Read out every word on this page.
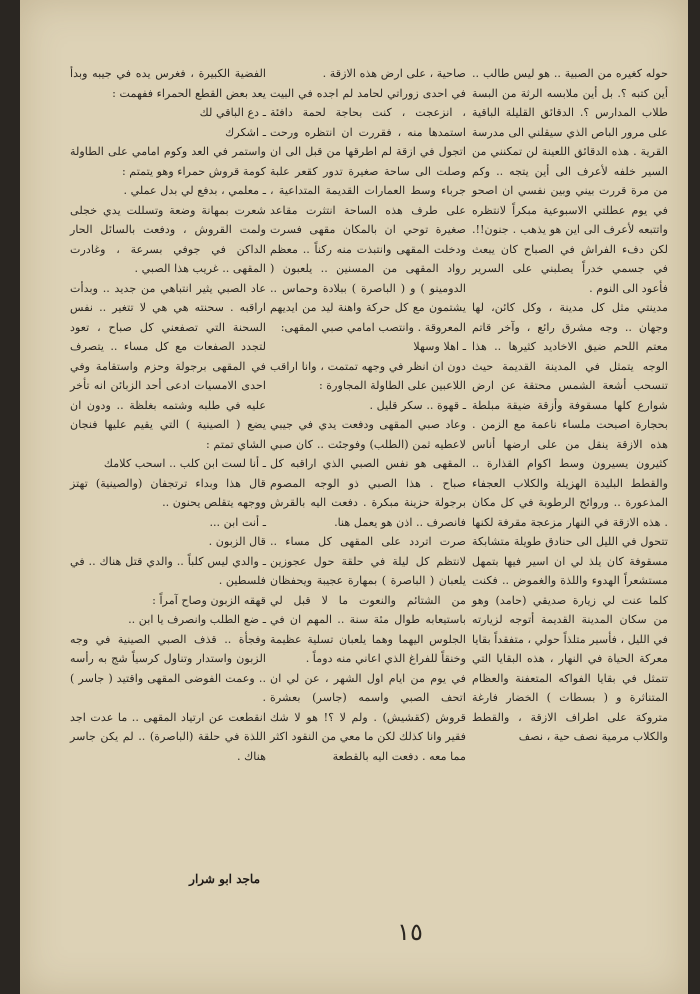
حوله كغيره من الصبية .. هو ليس طالب .. أين كتبه ؟. بل أين ملابسه الرثة من البسة طلاب المدارس ؟. الدقائق القليلة الباقية على مرور الباص الذي سيقلني الى مدرسة القرية . هذه الدقائق اللعينة لن تمكنني من السير خلفه لأعرف الى أين يتجه .. وكم من مرة قررت بيني وبين نفسي ان اصحو في يوم عطلتي الاسبوعية مبكراً لانتظره واتتبعه لأعرف الى اين هو يذهب . جنون!!. لكن دفء الفراش في الصباح كان يبعث في جسمي خدراً يصلبني على السرير فأعود الى النوم .

مدينتي مثل كل مدينة ، وكل كائن، لها وجهان .. وجه مشرق رائع ، وآخر قاتم معتم اللحم ضيق الاخاديد كثيرها .. هذا الوجه يتمثل في المدينة القديمة حيث تنسحب أشعة الشمس محتقة عن ارض شوارع كلها مسقوفة وأزقة ضيقة مبلطة بحجارة اصبحت ملساء ناعمة مع الزمن . هذه الازقة ينقل من على ارضها أناس كثيرون يسيرون وسط اكوام القذارة .. والقطط البليدة الهزيلة والكلاب العجفاء المذعورة .. وروائح الرطوبة في كل مكان . هذه الازقة في النهار مزعجة مقرفة لكنها تتحول في الليل الى حنادق طويلة متشابكة مسقوفة كان يلذ لي ان اسير فيها بتمهل مستشعراً الهدوء واللذة والغموض .. فكنت كلما عنت لي زيارة صديقي (حامد) وهو من سكان المدينة القديمة أتوجه لزيارته في الليل ، فأسير متلذاً حولي ، متفقداً بقايا معركة الحياة في النهار ، هذه البقايا التي تتمثل في بقايا الفواكه المتعفنة والعظام المتناثرة و ( بسطات ) الخضار فارغة متروكة على اطراف الازقة ، والقطط والكلاب مرمية نصف حية ، نصف

صاحية ، على ارض هذه الازقة .

في احدى زوراتي لحامد لم اجده في البيت ، انزعجت ، كنت بحاجة لحمة دافئة استمدها منه ، فقررت ان انتظره ورحت اتجول في ازقة لم اطرقها من قبل الى ان وصلت الى ساحة صغيرة تدور كقعر علبة جرباء وسط العمارات القديمة المتداعية ، على طرف هذه الساحة انتثرت مقاعد صغيرة توحي ان بالمكان مقهى فسرت ودخلت المقهى وانتبذت منه ركناً .. معظم رواد المقهى من المسنين .. يلعبون ( الدومينو ) و ( الباصرة ) ببلادة وحماس .. يشتمون مع كل حركة واهنة ليد من ايديهم المعروقة . وانتصب امامي صبي المقهى:

ـ اهلا وسهلا

دون ان انظر في وجهه تمتمت ، وانا اراقب اللاعبين على الطاولة المجاورة :

ـ قهوة .. سكر قليل .

وعاد صبي المقهى ودفعت يدي في جيبي لاعطيه ثمن (الطلب) وفوجئت .. كان صبي المقهى هو نفس الصبي الذي اراقبه كل صباح . هذا الصبي ذو الوجه المصوم برجولة حزينة مبكرة . دفعت اليه بالقرش فانصرف .. اذن هو يعمل هنا.

صرت اتردد على المقهى كل مساء .. لانتظم كل ليلة في حلقة حول عجوزين يلعبان ( الباصرة ) بمهارة عجيبة ويحفظان من الشتائم والنعوت ما لا قبل لي باستيعابه طوال مئة سنة .. المهم ان في الجلوس اليهما وهما يلعبان تسلية عظيمة وخنقاً للفراغ الذي اعاني منه دوماً .

في يوم من ايام اول الشهر ، عن لي ان اتحف الصبي واسمه (جاسر) بعشرة قروش (كقشيش) . ولم لا ؟! هو لا شك فقير وانا كذلك لكن ما معي من النقود اكثر مما معه . دفعت اليه بالقطعة

الفضية الكبيرة ، فغرس يده في جيبه وبدأ يعد بعض القطع الحمراء ففهمت :

ـ دع الباقي لك

ـ اشكرك

واستمر في العد وكوم امامي على الطاولة كومة قروش حمراء وهو يتمتم :

ـ معلمي ، بدفع لي بدل عملي .

شعرت بمهانة وضعة وتسللت يدي خجلى ولمت القروش ، ودفعت بالسائل الحار الداكن في جوفي بسرعة ، وغادرت المقهى .. غريب هذا الصبي .

عاد الصبي يثير انتباهي من جديد .. وبدأت اراقبه . سحنته هي هي لا تتغير .. نفس السحنة التي تصفعني كل صباح ، تعود لتجدد الصفعات مع كل مساء .. يتصرف في المقهى برجولة وحزم واستقامة وفي احدى الامسيات ادعى أحد الزبائن انه تأخر عليه في طلبه وشتمه بغلظة .. ودون ان يضع ( الصينية ) التي يقيم عليها فنجان الشاي تمتم :

ـ أنا لست ابن كلب .. اسحب كلامك

قال هذا وبداء ترتجفان (والصينية) تهتز ووجهه يتقلص يحنون ..

ـ أنت ابن ...

قال الزبون .

ـ والدي ليس كلباً .. والدي قتل هناك .. في فلسطين .

قهقه الزبون وصاح آمراً :

ـ ضع الطلب وانصرف يا ابن ..

وفجأة .. قذف الصبي الصينية في وجه الزبون واستدار وتناول كرسياً شج به رأسه .. وعمت الفوضى المقهى واقتيد ( جاسر ) .

انقطعت عن ارتياد المقهى .. ما عدت اجد اللذة في حلقة (الباصرة) .. لم يكن جاسر هناك .

ماجد ابو شرار
١٥
